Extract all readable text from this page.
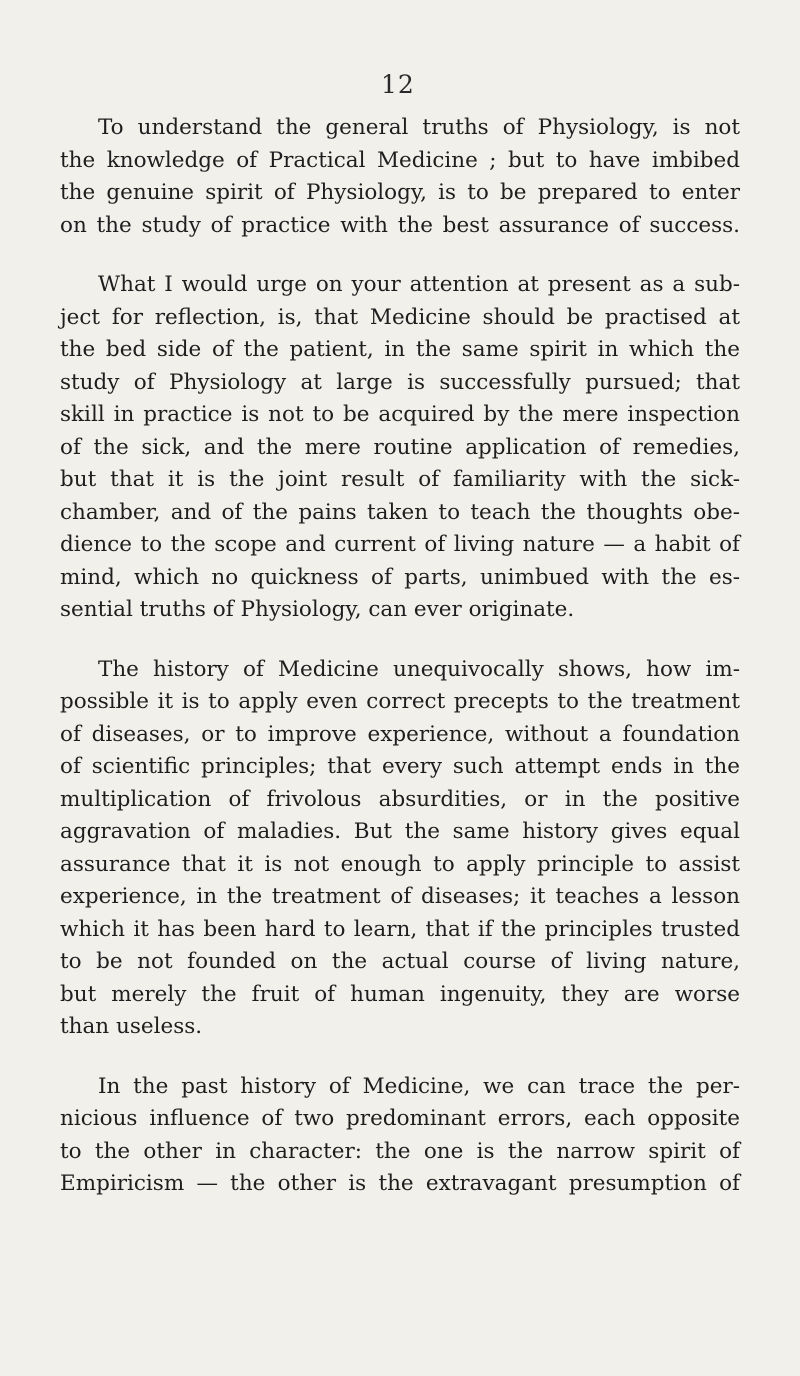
12
To understand the general truths of Physiology, is not
the knowledge of Practical Medicine ; but to have imbibed
the genuine spirit of Physiology, is to be prepared to enter
on the study of practice with the best assurance of success.
What I would urge on your attention at present as a sub-
ject for reflection, is, that Medicine should be practised at
the bed side of the patient, in the same spirit in which the
study of Physiology at large is successfully pursued; that
skill in practice is not to be acquired by the mere inspection
of the sick, and the mere routine application of remedies,
but that it is the joint result of familiarity with the sick-
chamber, and of the pains taken to teach the thoughts obe-
dience to the scope and current of living nature — a habit of
mind, which no quickness of parts, unimbued with the es-
sential truths of Physiology, can ever originate.
The history of Medicine unequivocally shows, how im-
possible it is to apply even correct precepts to the treatment
of diseases, or to improve experience, without a foundation
of scientific principles; that every such attempt ends in the
multiplication of frivolous absurdities, or in the positive
aggravation of maladies. But the same history gives equal
assurance that it is not enough to apply principle to assist
experience, in the treatment of diseases; it teaches a lesson
which it has been hard to learn, that if the principles trusted
to be not founded on the actual course of living nature,
but merely the fruit of human ingenuity, they are worse
than useless.
In the past history of Medicine, we can trace the per-
nicious influence of two predominant errors, each opposite
to the other in character: the one is the narrow spirit of
Empiricism — the other is the extravagant presumption of
